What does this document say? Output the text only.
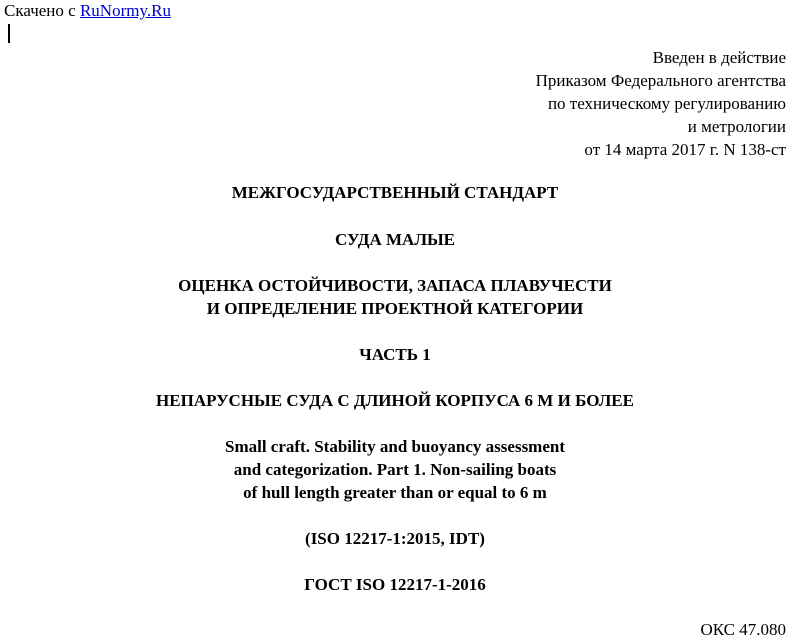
Скачено с RuNormy.Ru
Введен в действие
Приказом Федерального агентства
по техническому регулированию
и метрологии
от 14 марта 2017 г. N 138-ст
МЕЖГОСУДАРСТВЕННЫЙ СТАНДАРТ
СУДА МАЛЫЕ
ОЦЕНКА ОСТОЙЧИВОСТИ, ЗАПАСА ПЛАВУЧЕСТИ
И ОПРЕДЕЛЕНИЕ ПРОЕКТНОЙ КАТЕГОРИИ
ЧАСТЬ 1
НЕПАРУСНЫЕ СУДА С ДЛИНОЙ КОРПУСА 6 М И БОЛЕЕ
Small craft. Stability and buoyancy assessment
and categorization. Part 1. Non-sailing boats
of hull length greater than or equal to 6 m
(ISO 12217-1:2015, IDT)
ГОСТ ISO 12217-1-2016
ОКС 47.080
